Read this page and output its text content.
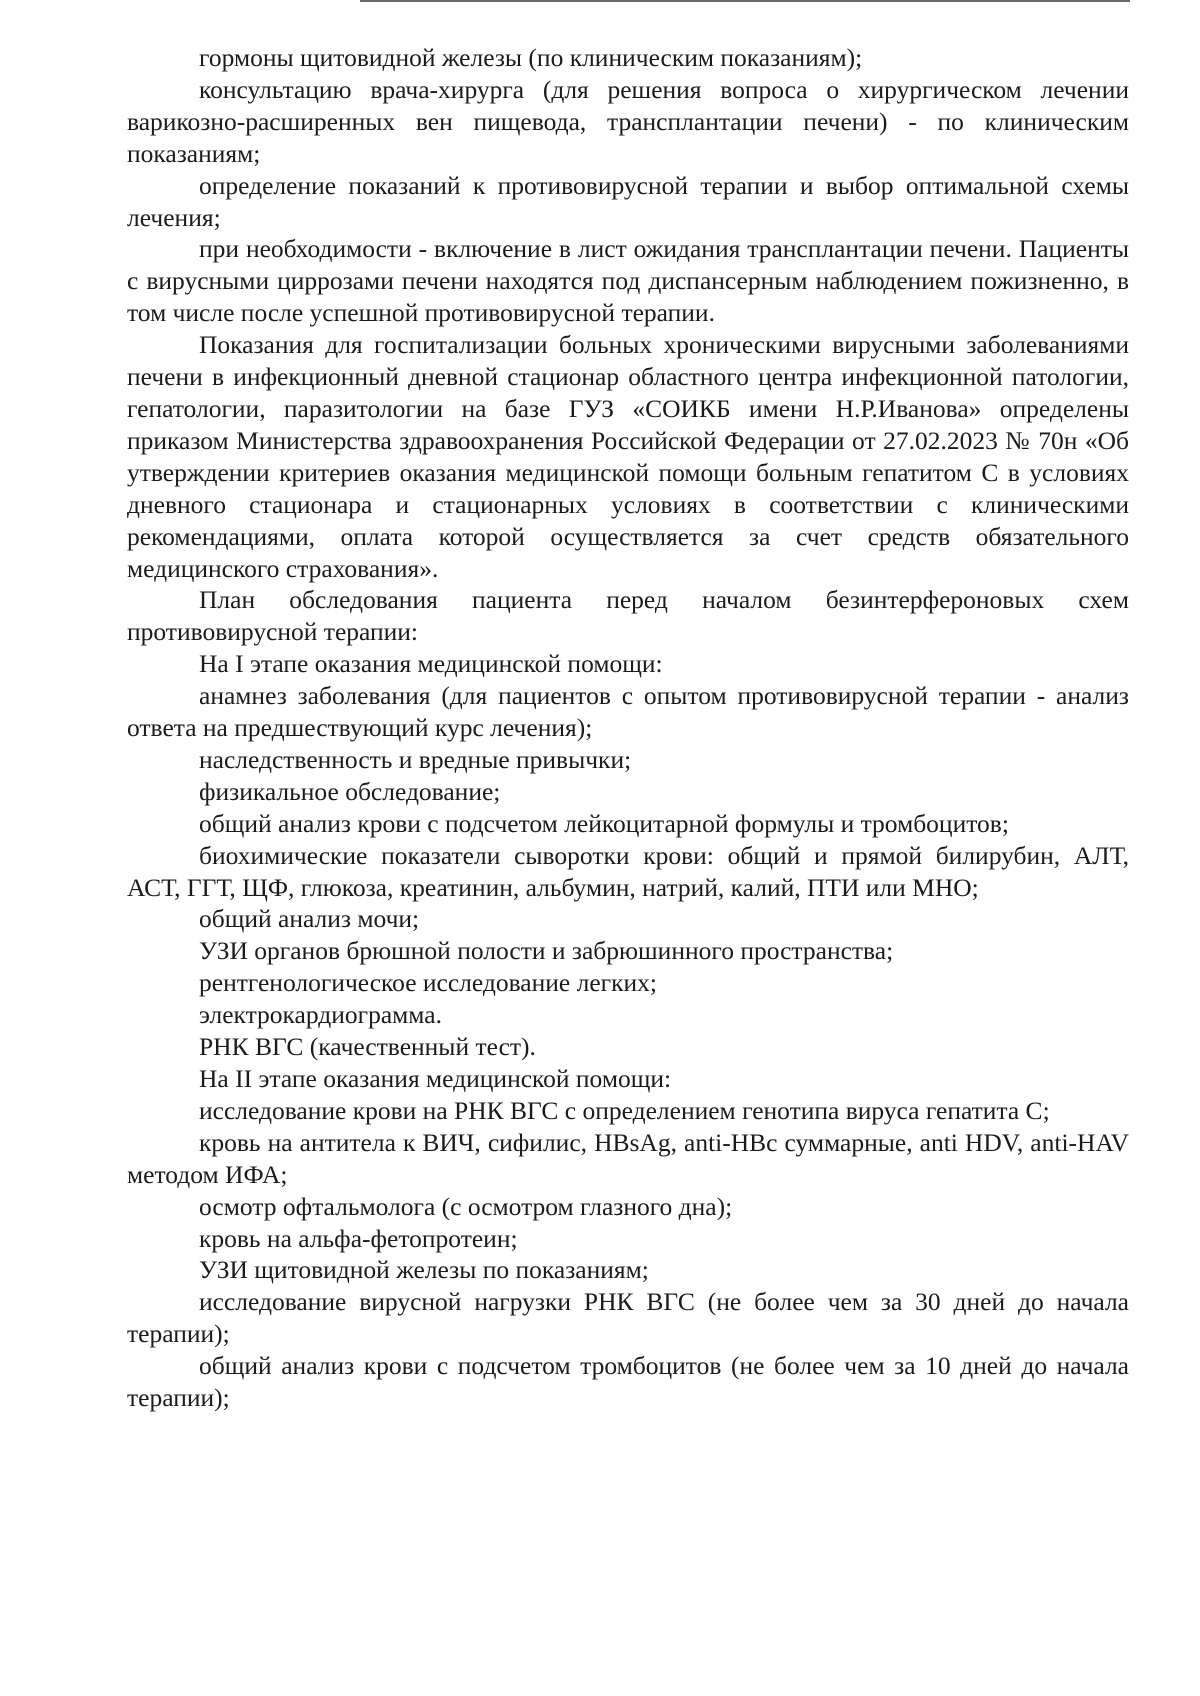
гормоны щитовидной железы (по клиническим показаниям);

консультацию врача-хирурга (для решения вопроса о хирургическом лечении варикозно-расширенных вен пищевода, трансплантации печени) - по клиническим показаниям;

определение показаний к противовирусной терапии и выбор оптимальной схемы лечения;

при необходимости - включение в лист ожидания трансплантации печени. Пациенты с вирусными циррозами печени находятся под диспансерным наблюдением пожизненно, в том числе после успешной противовирусной терапии.

Показания для госпитализации больных хроническими вирусными заболеваниями печени в инфекционный дневной стационар областного центра инфекционной патологии, гепатологии, паразитологии на базе ГУЗ «СОИКБ имени Н.Р.Иванова» определены приказом Министерства здравоохранения Российской Федерации от 27.02.2023 № 70н «Об утверждении критериев оказания медицинской помощи больным гепатитом С в условиях дневного стационара и стационарных условиях в соответствии с клиническими рекомендациями, оплата которой осуществляется за счет средств обязательного медицинского страхования».

План обследования пациента перед началом безинтерфероновых схем противовирусной терапии:

На I этапе оказания медицинской помощи:

анамнез заболевания (для пациентов с опытом противовирусной терапии - анализ ответа на предшествующий курс лечения);

наследственность и вредные привычки;

физикальное обследование;

общий анализ крови с подсчетом лейкоцитарной формулы и тромбоцитов;

биохимические показатели сыворотки крови: общий и прямой билирубин, АЛТ, АСТ, ГГТ, ЩФ, глюкоза, креатинин, альбумин, натрий, калий, ПТИ или МНО;

общий анализ мочи;

УЗИ органов брюшной полости и забрюшинного пространства;

рентгенологическое исследование легких;

электрокардиограмма.

РНК ВГС (качественный тест).

На II этапе оказания медицинской помощи:

исследование крови на РНК ВГС с определением генотипа вируса гепатита С;

кровь на антитела к ВИЧ, сифилис, HBsAg, anti-HBc суммарные, anti HDV, anti-HAV методом ИФА;

осмотр офтальмолога (с осмотром глазного дна);

кровь на альфа-фетопротеин;

УЗИ щитовидной железы по показаниям;

исследование вирусной нагрузки РНК ВГС (не более чем за 30 дней до начала терапии);

общий анализ крови с подсчетом тромбоцитов (не более чем за 10 дней до начала терапии);
